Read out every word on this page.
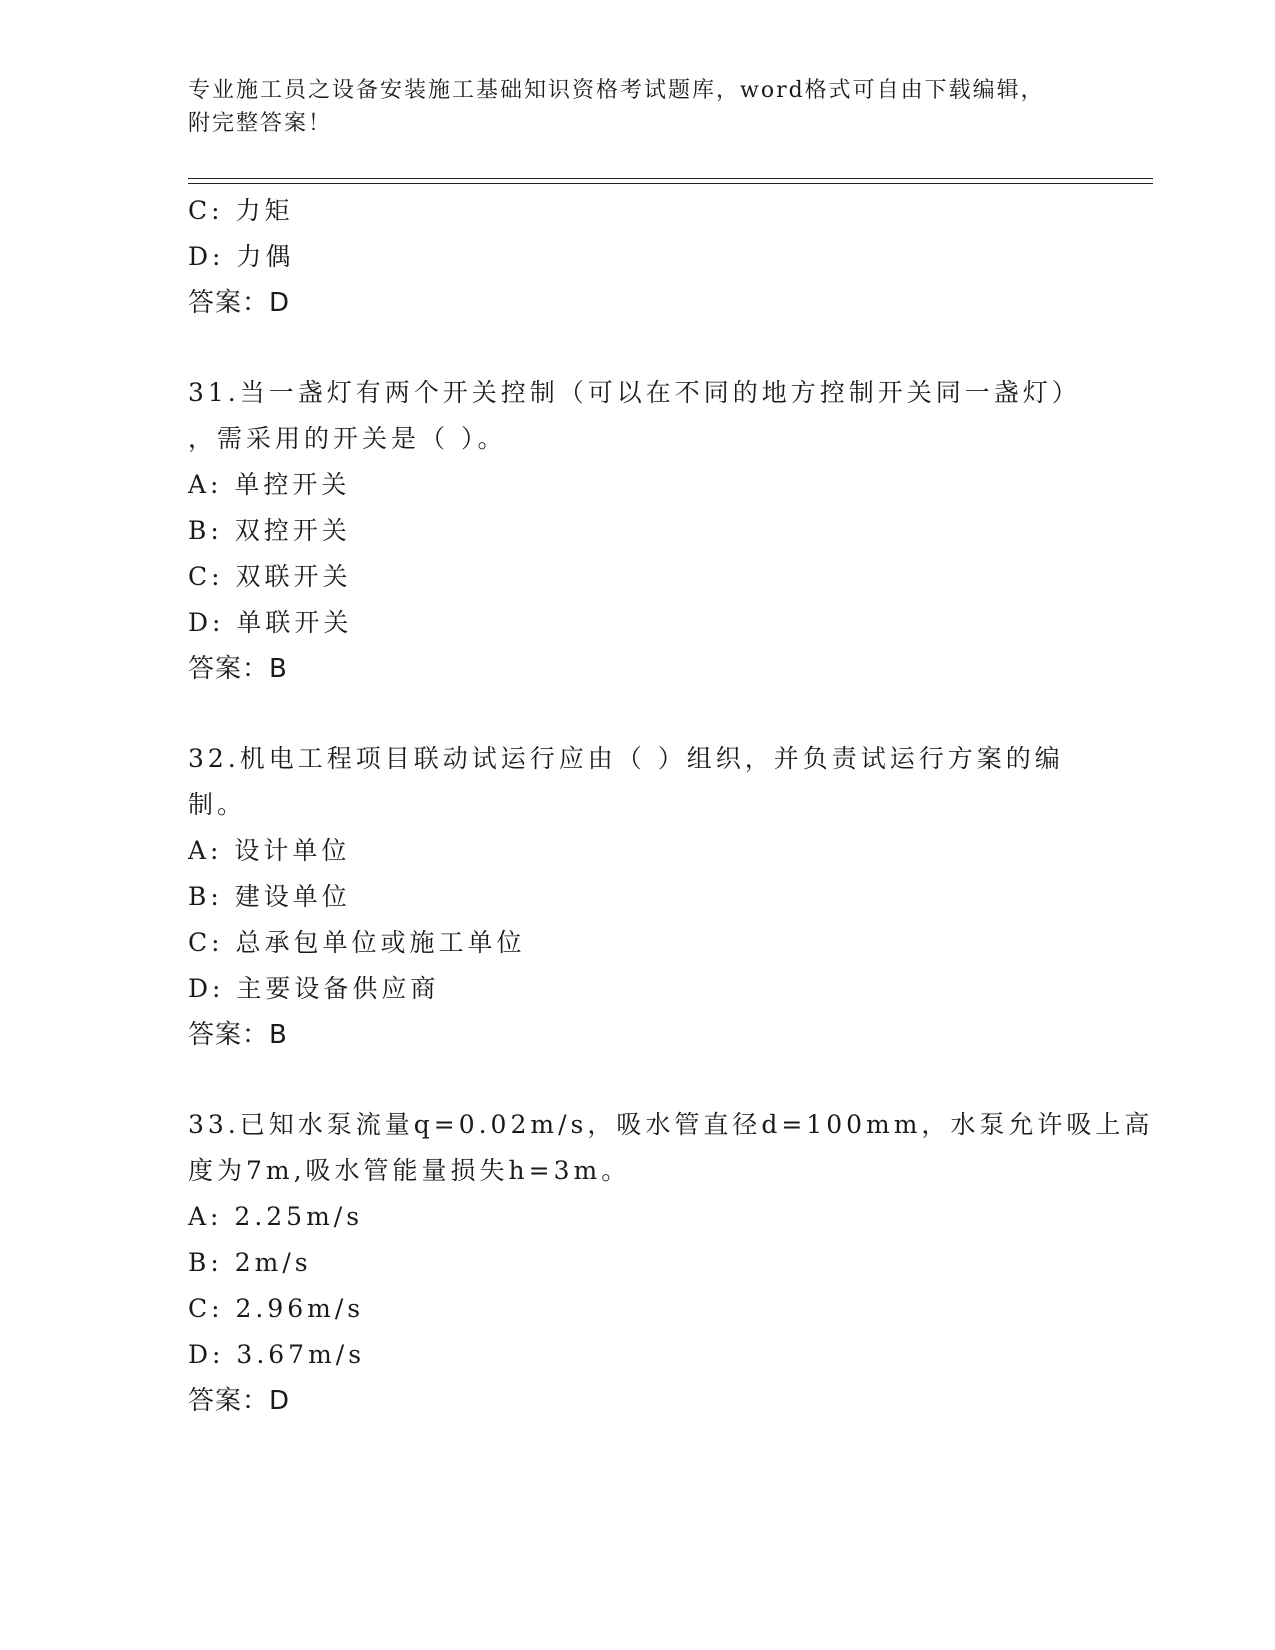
专业施工员之设备安装施工基础知识资格考试题库，word格式可自由下载编辑，
附完整答案！
C: 力矩
D: 力偶
答案：D
31.当一盏灯有两个开关控制（可以在不同的地方控制开关同一盏灯）
，需采用的开关是（ ）。
A: 单控开关
B: 双控开关
C: 双联开关
D: 单联开关
答案：B
32.机电工程项目联动试运行应由（ ）组织，并负责试运行方案的编
制。
A: 设计单位
B: 建设单位
C: 总承包单位或施工单位
D: 主要设备供应商
答案：B
33.已知水泵流量q=0.02m/s，吸水管直径d=100mm，水泵允许吸上高
度为7m,吸水管能量损失h=3m。
A: 2.25m/s
B: 2m/s
C: 2.96m/s
D: 3.67m/s
答案：D
